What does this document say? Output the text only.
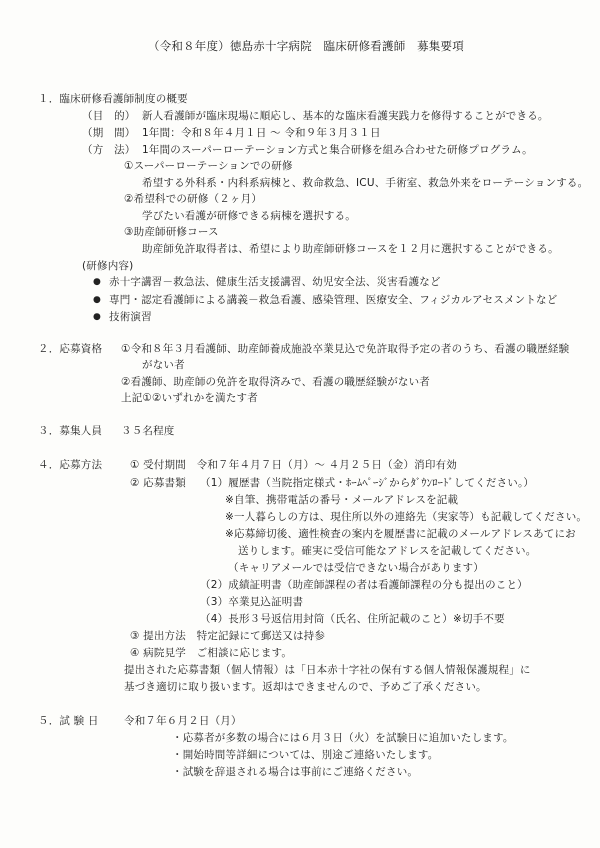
（令和８年度）徳島赤十字病院　臨床研修看護師　募集要項
１．臨床研修看護師制度の概要
（目　的） 新人看護師が臨床現場に順応し、基本的な臨床看護実践力を修得することができる。
（期　間） 1年間：令和８年４月１日 ～ 令和９年３月３１日
（方　法） 1年間のスーパーローテーション方式と集合研修を組み合わせた研修プログラム。
①スーパーローテーションでの研修
希望する外科系・内科系病棟と、救命救急、ICU、手術室、救急外来をローテーションする。
②希望科での研修（２ヶ月）
学びたい看護が研修できる病棟を選択する。
③助産師研修コース
助産師免許取得者は、希望により助産師研修コースを１２月に選択することができる。
(研修内容)
● 赤十字講習－救急法、健康生活支援講習、幼児安全法、災害看護など
● 専門・認定看護師による講義－救急看護、感染管理、医療安全、フィジカルアセスメントなど
● 技術演習
２．応募資格 ①令和８年３月看護師、助産師養成施設卒業見込で免許取得予定の者のうち、看護の職歴経験
がない者
②看護師、助産師の免許を取得済みで、看護の職歴経験がない者
上記①②いずれかを満たす者
３．募集人員 ３５名程度
４．応募方法	① 受付期間　令和７年４月７日（月）～ ４月２５日（金）消印有効
② 応募書類 （1）履歴書（当院指定様式・ﾎｰﾑﾍﾟｰｼﾞからﾀﾞｳﾝﾛｰﾄﾞしてください。）
※自筆、携帯電話の番号・メールアドレスを記載
※一人暮らしの方は、現住所以外の連絡先（実家等）も記載してください。
※応募締切後、適性検査の案内を履歴書に記載のメールアドレスあてにお
送りします。確実に受信可能なアドレスを記載してください。
（キャリアメールでは受信できない場合があります）
（2）成績証明書（助産師課程の者は看護師課程の分も提出のこと）
（3）卒業見込証明書
（4）長形３号返信用封筒（氏名、住所記載のこと）※切手不要
③ 提出方法　特定記録にて郵送又は持参
④ 病院見学　ご相談に応じます。
提出された応募書類（個人情報）は「日本赤十字社の保有する個人情報保護規程」に
基づき適切に取り扱います。返却はできませんので、予めご了承ください。
５．試 験 日 令和７年６月２日（月）
・応募者が多数の場合には６月３日（火）を試験日に追加いたします。
・開始時間等詳細については、別途ご連絡いたします。
・試験を辞退される場合は事前にご連絡ください。
